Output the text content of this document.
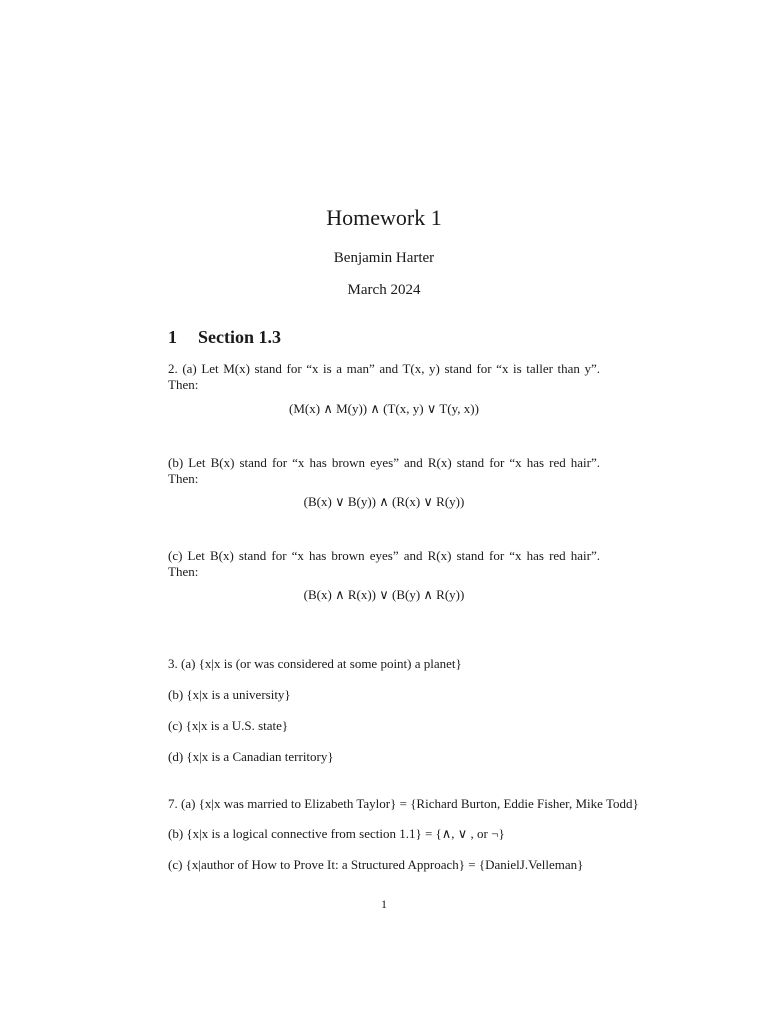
Homework 1
Benjamin Harter
March 2024
1 Section 1.3
2. (a) Let M(x) stand for “x is a man” and T(x, y) stand for “x is taller than y”. Then:
(M(x) ∧ M(y)) ∧ (T(x, y) ∨ T(y, x))
(b) Let B(x) stand for “x has brown eyes” and R(x) stand for “x has red hair”. Then:
(B(x) ∨ B(y)) ∧ (R(x) ∨ R(y))
(c) Let B(x) stand for “x has brown eyes” and R(x) stand for “x has red hair”. Then:
(B(x) ∧ R(x)) ∨ (B(y) ∧ R(y))
3. (a) {x|x is (or was considered at some point) a planet}
(b) {x|x is a university}
(c) {x|x is a U.S. state}
(d) {x|x is a Canadian territory}
7. (a) {x|x was married to Elizabeth Taylor} = {Richard Burton, Eddie Fisher, Mike Todd}
(b) {x|x is a logical connective from section 1.1} = {∧, ∨ , or ¬}
(c) {x|author of How to Prove It: a Structured Approach} = {DanielJ.Velleman}
1
